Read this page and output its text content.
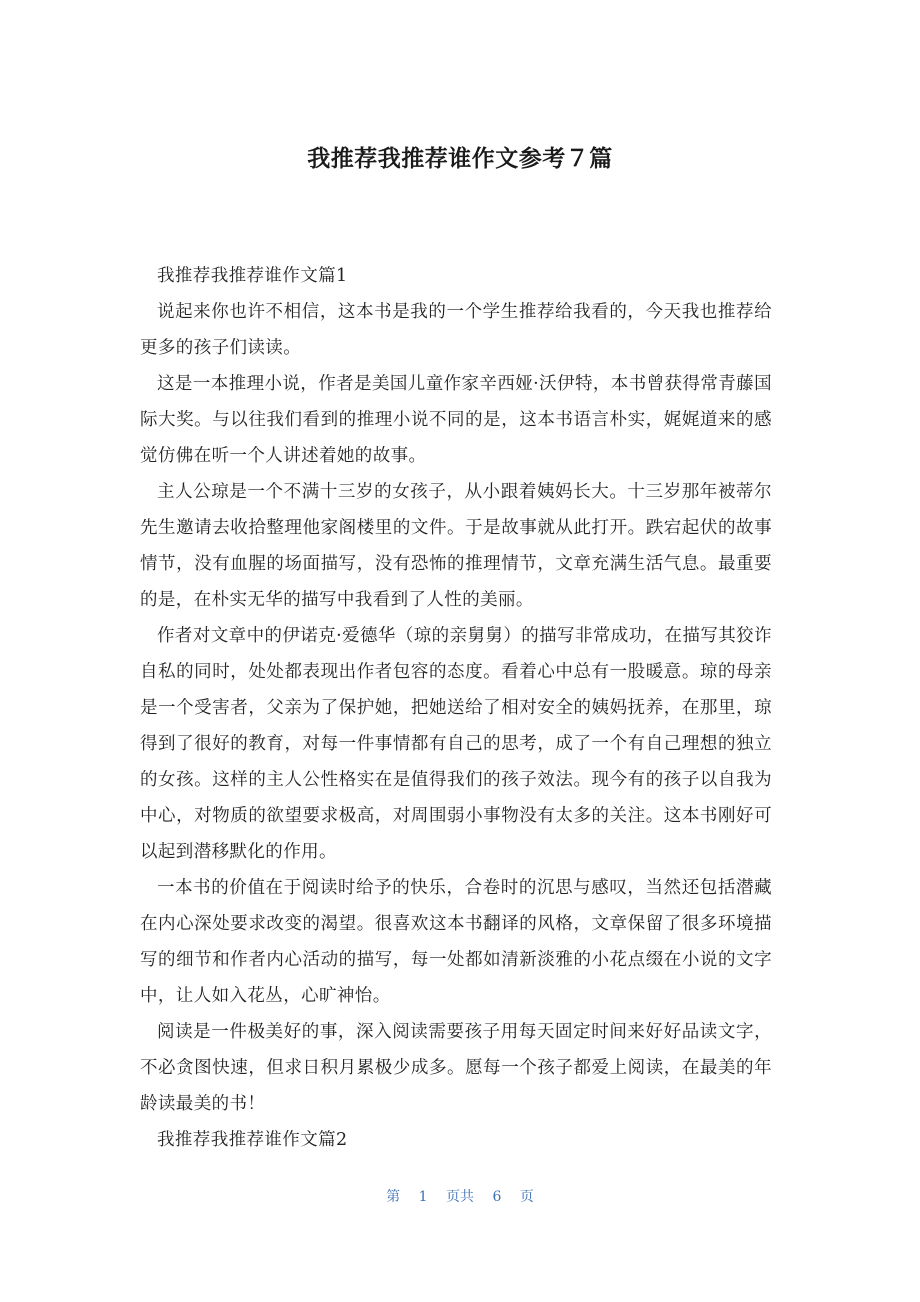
我推荐我推荐谁作文参考７篇

我推荐我推荐谁作文篇1

说起来你也许不相信，这本书是我的一个学生推荐给我看的，今天我也推荐给更多的孩子们读读。

这是一本推理小说，作者是美国儿童作家辛西娅·沃伊特，本书曾获得常青藤国际大奖。与以往我们看到的推理小说不同的是，这本书语言朴实，娓娓道来的感觉仿佛在听一个人讲述着她的故事。

主人公琼是一个不满十三岁的女孩子，从小跟着姨妈长大。十三岁那年被蒂尔先生邀请去收拾整理他家阁楼里的文件。于是故事就从此打开。跌宕起伏的故事情节，没有血腥的场面描写，没有恐怖的推理情节，文章充满生活气息。最重要的是，在朴实无华的描写中我看到了人性的美丽。

作者对文章中的伊诺克·爱德华（琼的亲舅舅）的描写非常成功，在描写其狡诈自私的同时，处处都表现出作者包容的态度。看着心中总有一股暖意。琼的母亲是一个受害者，父亲为了保护她，把她送给了相对安全的姨妈抚养，在那里，琼得到了很好的教育，对每一件事情都有自己的思考，成了一个有自己理想的独立的女孩。这样的主人公性格实在是值得我们的孩子效法。现今有的孩子以自我为中心，对物质的欲望要求极高，对周围弱小事物没有太多的关注。这本书刚好可以起到潜移默化的作用。

一本书的价值在于阅读时给予的快乐，合卷时的沉思与感叹，当然还包括潜藏在内心深处要求改变的渴望。很喜欢这本书翻译的风格，文章保留了很多环境描写的细节和作者内心活动的描写，每一处都如清新淡雅的小花点缀在小说的文字中，让人如入花丛，心旷神怡。

阅读是一件极美好的事，深入阅读需要孩子用每天固定时间来好好品读文字，不必贪图快速，但求日积月累极少成多。愿每一个孩子都爱上阅读，在最美的年龄读最美的书！

我推荐我推荐谁作文篇2

第 1 页共 6 页
